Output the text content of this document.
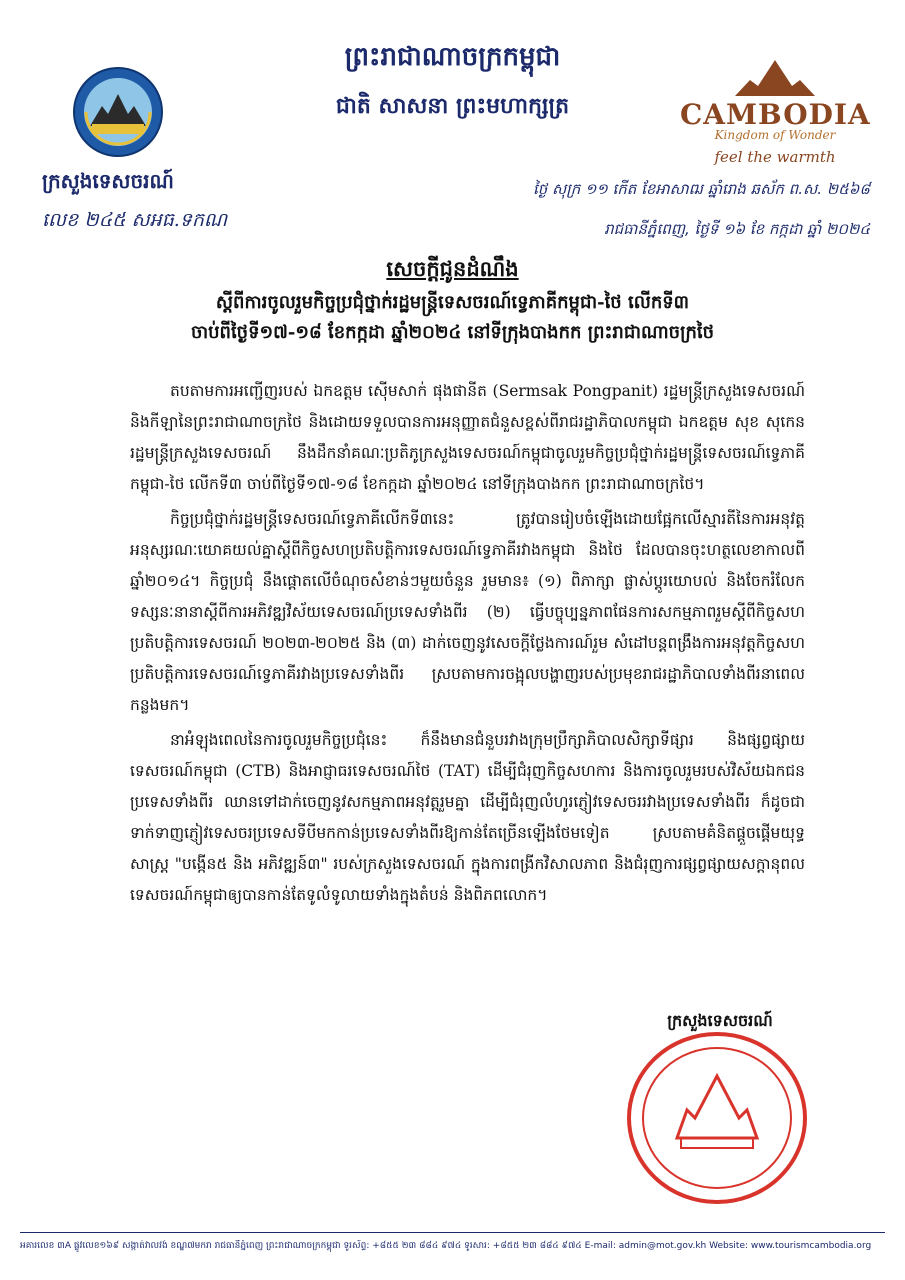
CAMBODIA
Kingdom of Wonder
feel the warmth
ព្រះរាជាណាចក្រកម្ពុជា
ជាតិ សាសនា ព្រះមហាក្សត្រ
ក្រសួងទេសចរណ៍
លេខ ២៤៥ សអធ.ទកណ
ថ្ងៃ សុក្រ ១១ កើត ខែអាសាឍ ឆ្នាំរោង ឆស័ក ព.ស. ២៥៦៨
រាជធានីភ្នំពេញ, ថ្ងៃទី ១៦ ខែ កក្កដា ឆ្នាំ ២០២៤
សេចក្តីជូនដំណឹង
ស្តីពីការចូលរួមកិច្ចប្រជុំថ្នាក់រដ្ឋមន្ត្រីទេសចរណ៍ទ្វេភាគីកម្ពុជា-ថៃ លើកទី៣
ចាប់ពីថ្ងៃទី១៧-១៨ ខែកក្កដា ឆ្នាំ២០២៤ នៅទីក្រុងបាងកក ព្រះរាជាណាចក្រថៃ

តបតាមការអញ្ជើញរបស់ ឯកឧត្តម ស៊ើមសាក់ ផុងផានីត (Sermsak Pongpanit) រដ្ឋមន្ត្រីក្រសួងទេសចរណ៍ និងកីឡានៃព្រះរាជាណាចក្រថៃ និងដោយទទួលបានការអនុញ្ញាតជំនួសខ្ពស់ពីរាជរដ្ឋាភិបាលកម្ពុជា ឯកឧត្តម សុខ សុកេន រដ្ឋមន្ត្រីក្រសួងទេសចរណ៍ នឹងដឹកនាំគណៈប្រតិភូក្រសួងទេសចរណ៍កម្ពុជាចូលរួមកិច្ចប្រជុំថ្នាក់រដ្ឋមន្ត្រីទេសចរណ៍ទ្វេភាគីកម្ពុជា-ថៃ លើកទី៣ ចាប់ពីថ្ងៃទី១៧-១៨ ខែកក្កដា ឆ្នាំ២០២៤ នៅទីក្រុងបាងកក ព្រះរាជាណាចក្រថៃ។

កិច្ចប្រជុំថ្នាក់រដ្ឋមន្ត្រីទេសចរណ៍ទ្វេភាគីលើកទី៣នេះ ត្រូវបានរៀបចំឡើងដោយផ្អែកលើស្មារតីនៃការអនុវត្តអនុស្សរណៈយោគយល់គ្នាស្តីពីកិច្ចសហប្រតិបត្តិការទេសចរណ៍ទ្វេភាគីរវាងកម្ពុជា និងថៃ ដែលបានចុះហត្ថលេខាកាលពីឆ្នាំ២០១៤។ កិច្ចប្រជុំ នឹងផ្តោតលើចំណុចសំខាន់ៗមួយចំនួន រួមមាន៖ (១) ពិភាក្សា ផ្លាស់ប្តូរយោបល់ និងចែករំលែកទស្សនៈនានាស្តីពីការអភិវឌ្ឍវិស័យទេសចរណ៍ប្រទេសទាំងពីរ (២) ធ្វើបច្ចុប្បន្នភាពផែនការសកម្មភាពរួមស្តីពីកិច្ចសហប្រតិបត្តិការទេសចរណ៍ ២០២៣-២០២៥ និង (៣) ដាក់ចេញនូវសេចក្តីថ្លែងការណ៍រួម សំដៅបន្តពង្រឹងការអនុវត្តកិច្ចសហប្រតិបត្តិការទេសចរណ៍ទ្វេភាគីរវាងប្រទេសទាំងពីរ ស្របតាមការចង្អុលបង្ហាញរបស់ប្រមុខរាជរដ្ឋាភិបាលទាំងពីរនាពេលកន្លងមក។

នាអំឡុងពេលនៃការចូលរួមកិច្ចប្រជុំនេះ ក៏នឹងមានជំនួបរវាងក្រុមប្រឹក្សាភិបាលសិក្សាទីផ្សារ និងផ្សព្វផ្សាយទេសចរណ៍កម្ពុជា (CTB) និងអាជ្ញាធរទេសចរណ៍ថៃ (TAT) ដើម្បីជំរុញកិច្ចសហការ និងការចូលរួមរបស់វិស័យឯកជនប្រទេសទាំងពីរ ឈានទៅដាក់ចេញនូវសកម្មភាពអនុវត្តរួមគ្នា ដើម្បីជំរុញលំហូរភ្ញៀវទេសចររវាងប្រទេសទាំងពីរ ក៏ដូចជាទាក់ទាញភ្ញៀវទេសចរប្រទេសទីបីមកកាន់ប្រទេសទាំងពីរឱ្យកាន់តែច្រើនឡើងថែមទៀត ស្របតាមគំនិតផ្តួចផ្តើមយុទ្ធសាស្ត្រ "បង្កើន៥ និង អភិវឌ្ឍន៍៣" របស់ក្រសួងទេសចរណ៍ ក្នុងការពង្រីកវិសាលភាព និងជំរុញការផ្សព្វផ្សាយសក្តានុពលទេសចរណ៍កម្ពុជាឲ្យបានកាន់តែទូលំទូលាយទាំងក្នុងតំបន់ និងពិភពលោក។

ក្រសួងទេសចរណ៍
អគារលេខ ៣A ផ្លូវលេខ១៦៩ សង្កាត់វាលវង់ ខណ្ឌ៧មករា រាជធានីភ្នំពេញ ព្រះរាជាណាចក្រកម្ពុជា ទូរស័ព្ទ: +៨៥៥ ២៣ ៨៨៤ ៩៧៤ ទូរសារ: +៨៥៥ ២៣ ៨៨៤ ៩៧៤ E-mail: admin@mot.gov.kh Website: www.tourismcambodia.org
